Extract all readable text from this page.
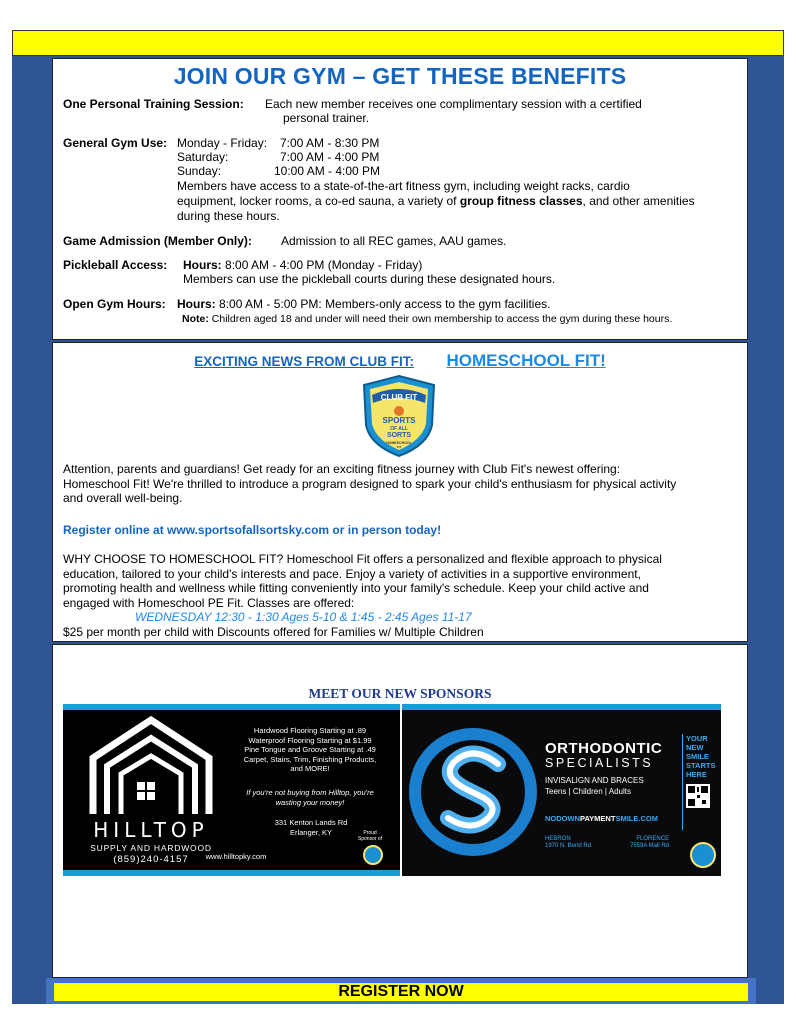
JOIN OUR GYM – GET THESE BENEFITS
One Personal Training Session: Each new member receives one complimentary session with a certified
personal trainer.
General Gym Use: Monday - Friday: 7:00 AM - 8:30 PM
Saturday:	7:00 AM - 4:00 PM
Sunday:	10:00 AM - 4:00 PM
Members have access to a state-of-the-art fitness gym, including weight racks, cardio
equipment, locker rooms, a co-ed sauna, a variety of group fitness classes, and other amenities
during these hours.
Game Admission (Member Only): Admission to all REC games, AAU games.
Pickleball Access: Hours: 8:00 AM - 4:00 PM (Monday - Friday)
Members can use the pickleball courts during these designated hours.
Open Gym Hours: Hours: 8:00 AM - 5:00 PM: Members-only access to the gym facilities.
Note: Children aged 18 and under will need their own membership to access the gym during these hours.
EXCITING NEWS FROM CLUB FIT: HOMESCHOOL FIT!
CLUB FIT
SPORTS
OF ALL
SORTS
HOMESCHOOL
FIT
Attention, parents and guardians! Get ready for an exciting fitness journey with Club Fit's newest offering:
Homeschool Fit! We're thrilled to introduce a program designed to spark your child's enthusiasm for physical activity
and overall well-being.
Register online at www.sportsofallsortsky.com or in person today!
WHY CHOOSE TO HOMESCHOOL FIT? Homeschool Fit offers a personalized and flexible approach to physical
education, tailored to your child's interests and pace. Enjoy a variety of activities in a supportive environment,
promoting health and wellness while fitting conveniently into your family's schedule. Keep your child active and
engaged with Homeschool PE Fit. Classes are offered:
WEDNESDAY 12:30 - 1:30 Ages 5-10 & 1:45 - 2:45 Ages 11-17
$25 per month per child with Discounts offered for Families w/ Multiple Children
MEET OUR NEW SPONSORS
HILLTOP
SUPPLY AND HARDWOOD
(859)240-4157
Hardwood Flooring Starting at .89
Waterproof Flooring Starting at $1.99
Pine Tongue and Groove Starting at .49
Carpet, Stairs, Trim, Finishing Products,
and MORE!
If you're not buying from Hilltop, you're
wasting your money!
331 Kenton Lands Rd
Erlanger, KY
www.hilltopky.com
Proud Sponsor of
ORTHODONTIC
SPECIALISTS
INVISALIGN AND BRACES
Teens | Children | Adults
NODOWNPAYMENTSMILE.COM
HEBRON
1970 N. Bend Rd
FLORENCE
7559A Mall Rd
YOUR
NEW
SMILE
STARTS
HERE
REGISTER NOW
